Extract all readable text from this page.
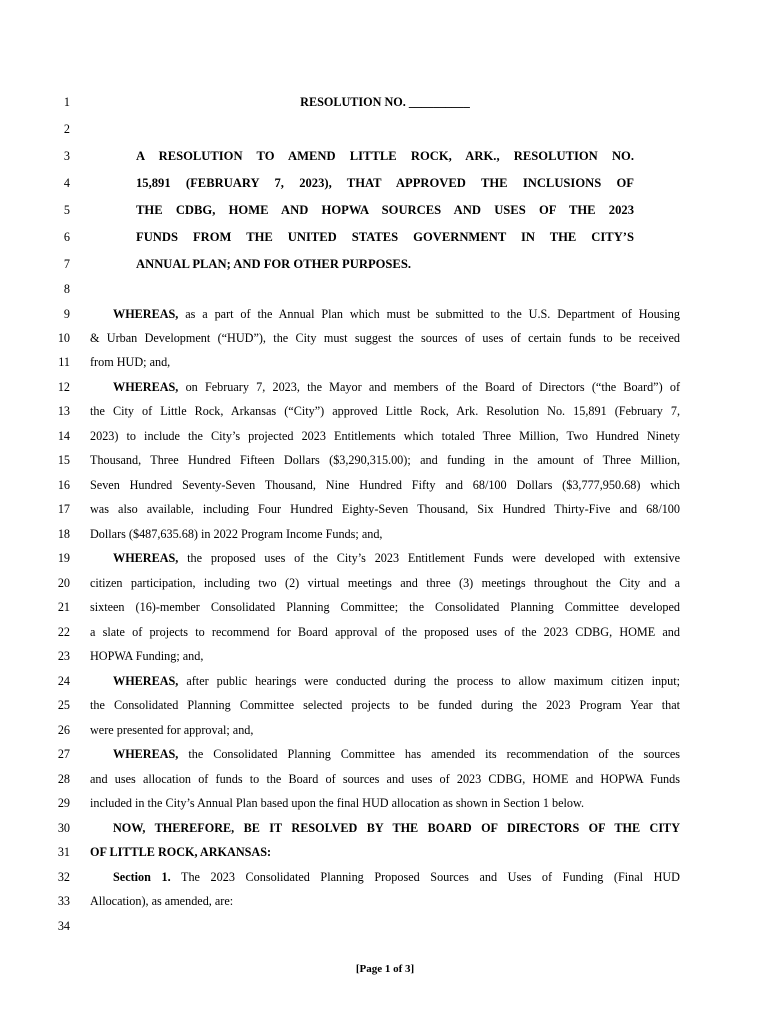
1	RESOLUTION NO. __________
2
3	A RESOLUTION TO AMEND LITTLE ROCK, ARK., RESOLUTION NO.
4	15,891 (FEBRUARY 7, 2023), THAT APPROVED THE INCLUSIONS OF
5	THE CDBG, HOME AND HOPWA SOURCES AND USES OF THE 2023
6	FUNDS FROM THE UNITED STATES GOVERNMENT IN THE CITY’S
7	ANNUAL PLAN; AND FOR OTHER PURPOSES.
8
9	WHEREAS, as a part of the Annual Plan which must be submitted to the U.S. Department of Housing
10 & Urban Development (“HUD”), the City must suggest the sources of uses of certain funds to be received
11 from HUD; and,
12	WHEREAS, on February 7, 2023, the Mayor and members of the Board of Directors (“the Board”) of
13 the City of Little Rock, Arkansas (“City”) approved Little Rock, Ark. Resolution No. 15,891 (February 7,
14 2023) to include the City’s projected 2023 Entitlements which totaled Three Million, Two Hundred Ninety
15 Thousand, Three Hundred Fifteen Dollars ($3,290,315.00); and funding in the amount of Three Million,
16 Seven Hundred Seventy-Seven Thousand, Nine Hundred Fifty and 68/100 Dollars ($3,777,950.68) which
17 was also available, including Four Hundred Eighty-Seven Thousand, Six Hundred Thirty-Five and 68/100
18 Dollars ($487,635.68) in 2022 Program Income Funds; and,
19	WHEREAS, the proposed uses of the City’s 2023 Entitlement Funds were developed with extensive
20 citizen participation, including two (2) virtual meetings and three (3) meetings throughout the City and a
21 sixteen (16)-member Consolidated Planning Committee; the Consolidated Planning Committee developed
22 a slate of projects to recommend for Board approval of the proposed uses of the 2023 CDBG, HOME and
23 HOPWA Funding; and,
24	WHEREAS, after public hearings were conducted during the process to allow maximum citizen input;
25 the Consolidated Planning Committee selected projects to be funded during the 2023 Program Year that
26 were presented for approval; and,
27	WHEREAS, the Consolidated Planning Committee has amended its recommendation of the sources
28 and uses allocation of funds to the Board of sources and uses of 2023 CDBG, HOME and HOPWA Funds
29 included in the City’s Annual Plan based upon the final HUD allocation as shown in Section 1 below.
30	NOW, THEREFORE, BE IT RESOLVED BY THE BOARD OF DIRECTORS OF THE CITY
31 OF LITTLE ROCK, ARKANSAS:
32	Section 1. The 2023 Consolidated Planning Proposed Sources and Uses of Funding (Final HUD
33 Allocation), as amended, are:
34
[Page 1 of 3]
